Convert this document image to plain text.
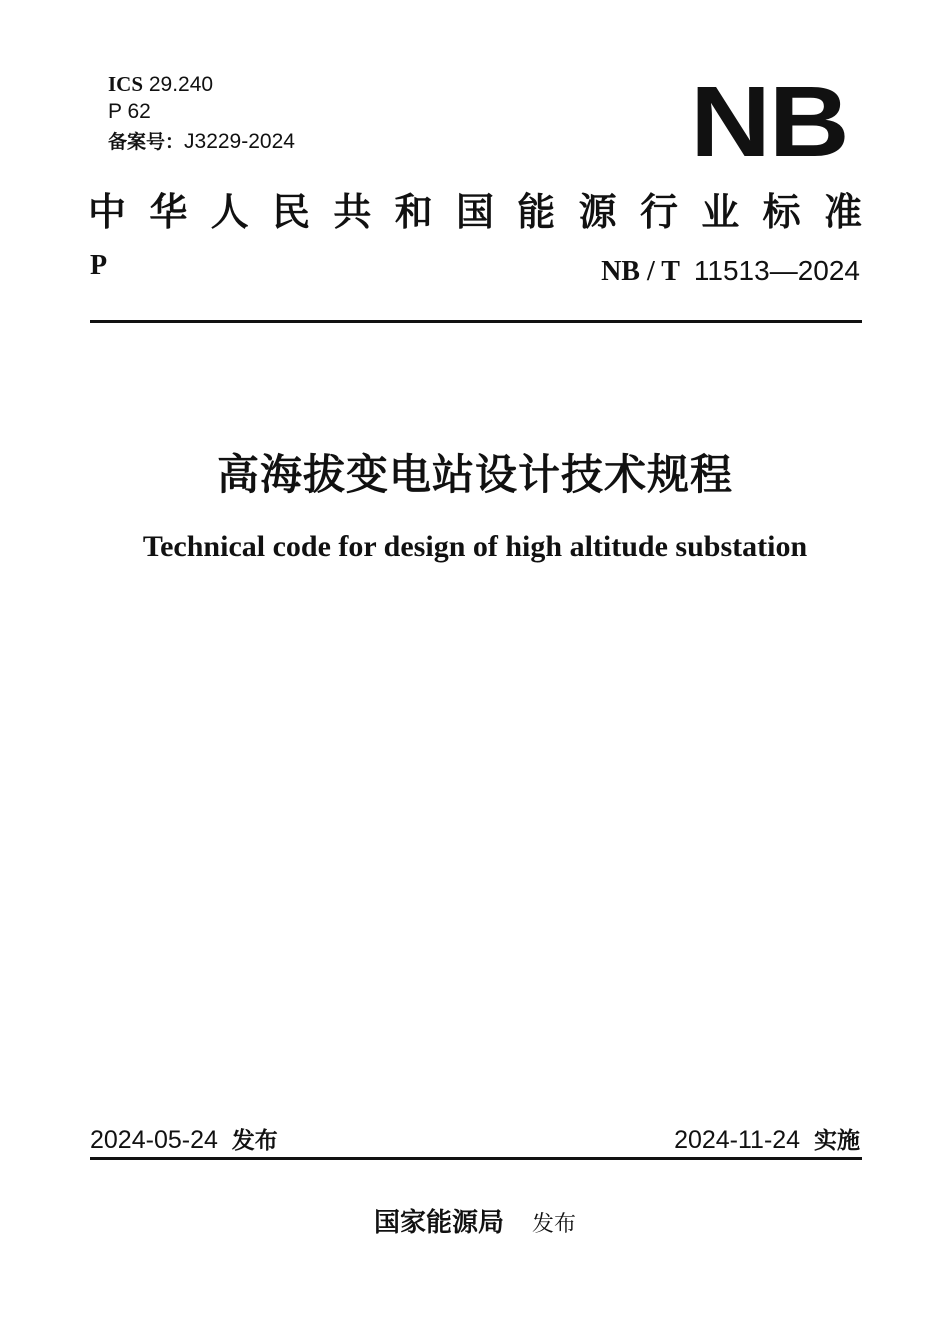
ICS 29.240
P 62
备案号：J3229-2024	NB
中 华 人 民 共 和 国 能 源 行 业 标 准
P	NB / T 11513—2024
高海拔变电站设计技术规程
Technical code for design of high altitude substation
2024-05-24 发布	2024-11-24 实施
国家能源局 发布
